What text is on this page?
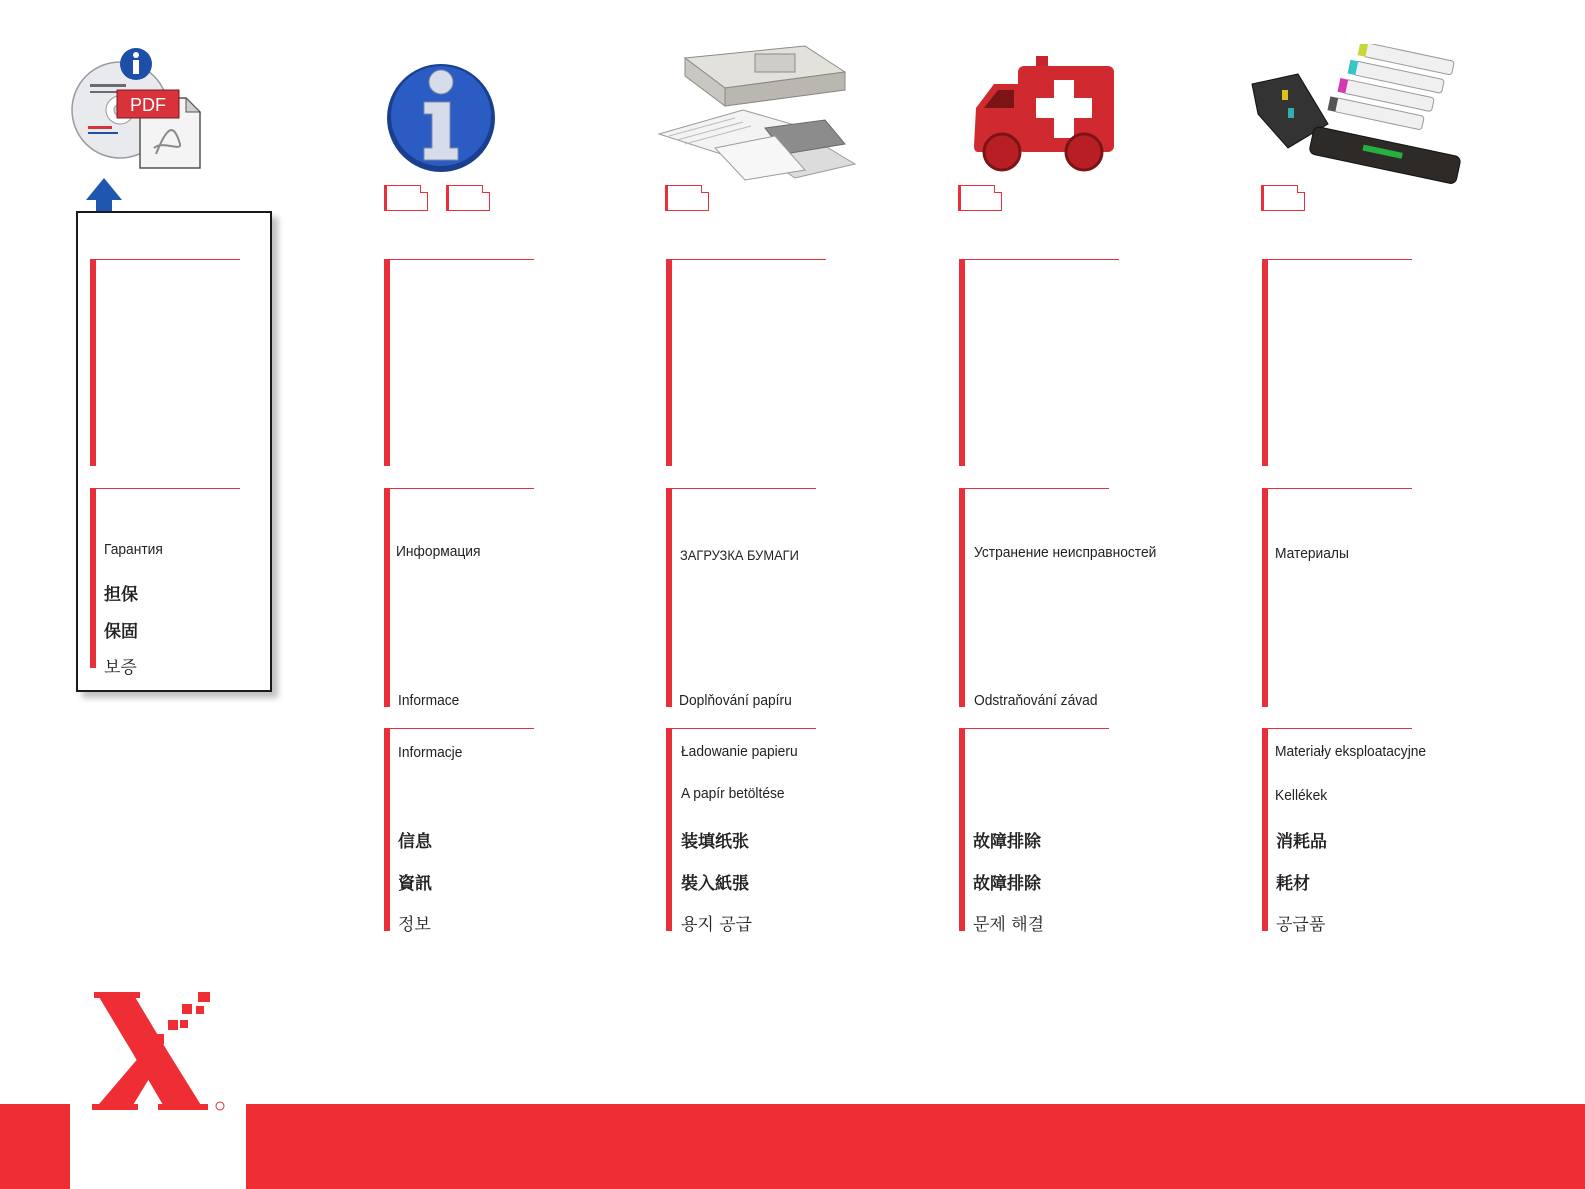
PDF
Гарантия
担保
保固
보증
Информация
Informace
Informacje
信息
資訊
정보
ЗАГРУЗКА БУМАГИ
Doplňování papíru
Ładowanie papieru
A papír betöltése
装填纸张
裝入紙張
용지 공급
Устранение неисправностей
Odstraňování závad
故障排除
故障排除
문제 해결
Материалы
Materiały eksploatacyjne
Kellékek
消耗品
耗材
공급품
